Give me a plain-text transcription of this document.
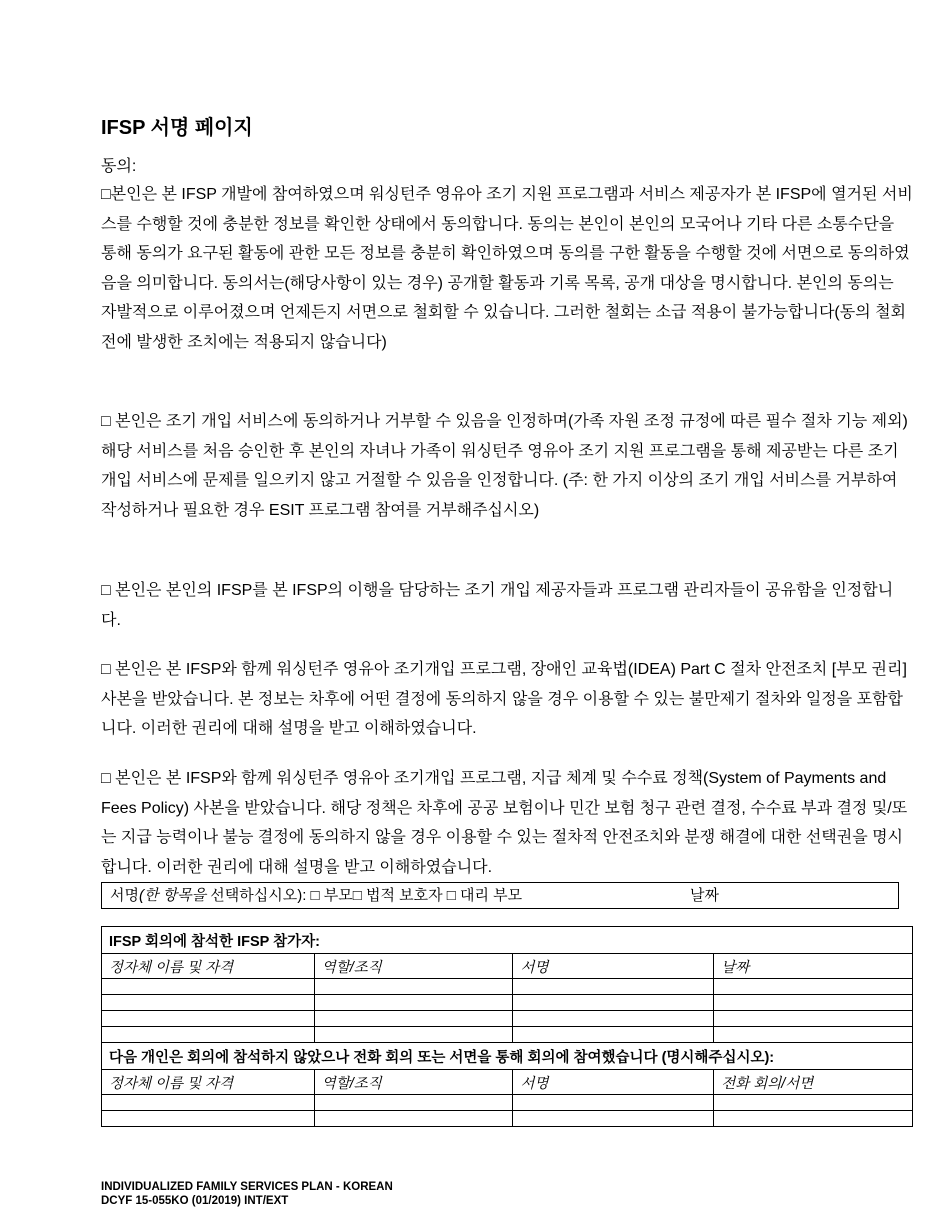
IFSP 서명 페이지
동의:

□본인은 본 IFSP 개발에 참여하였으며 워싱턴주 영유아 조기 지원 프로그램과 서비스 제공자가 본 IFSP에 열거된 서비스를 수행할 것에 충분한 정보를 확인한 상태에서 동의합니다. 동의는 본인이 본인의 모국어나 기타 다른 소통수단을 통해 동의가 요구된 활동에 관한 모든 정보를 충분히 확인하였으며 동의를 구한 활동을 수행할 것에 서면으로 동의하였음을 의미합니다. 동의서는(해당사항이 있는 경우) 공개할 활동과 기록 목록, 공개 대상을 명시합니다. 본인의 동의는 자발적으로 이루어졌으며 언제든지 서면으로 철회할 수 있습니다. 그러한 철회는 소급 적용이 불가능합니다(동의 철회 전에 발생한 조치에는 적용되지 않습니다)

□ 본인은 조기 개입 서비스에 동의하거나 거부할 수 있음을 인정하며(가족 자원 조정 규정에 따른 필수 절차 기능 제외) 해당 서비스를 처음 승인한 후 본인의 자녀나 가족이 워싱턴주 영유아 조기 지원 프로그램을 통해 제공받는 다른 조기 개입 서비스에 문제를 일으키지 않고 거절할 수 있음을 인정합니다. (주: 한 가지 이상의 조기 개입 서비스를 거부하여 작성하거나 필요한 경우 ESIT 프로그램 참여를 거부해주십시오)

□ 본인은 본인의 IFSP를 본 IFSP의 이행을 담당하는 조기 개입 제공자들과 프로그램 관리자들이 공유함을 인정합니다.

□ 본인은 본 IFSP와 함께 워싱턴주 영유아 조기개입 프로그램, 장애인 교육법(IDEA) Part C 절차 안전조치 [부모 권리] 사본을 받았습니다. 본 정보는 차후에 어떤 결정에 동의하지 않을 경우 이용할 수 있는 불만제기 절차와 일정을 포함합니다. 이러한 권리에 대해 설명을 받고 이해하였습니다.

□ 본인은 본 IFSP와 함께 워싱턴주 영유아 조기개입 프로그램, 지급 체계 및 수수료 정책(System of Payments and Fees Policy) 사본을 받았습니다. 해당 정책은 차후에 공공 보험이나 민간 보험 청구 관련 결정, 수수료 부과 결정 및/또는 지급 능력이나 불능 결정에 동의하지 않을 경우 이용할 수 있는 절차적 안전조치와 분쟁 해결에 대한 선택권을 명시합니다. 이러한 권리에 대해 설명을 받고 이해하였습니다.

서명(한 항목을 선택하십시오): □ 부모□ 법적 보호자 □ 대리 부모	날짜
IFSP 회의에 참석한 IFSP 참가자:			
정자체 이름 및 자격	역할/조직	서명	날짜

다음 개인은 회의에 참석하지 않았으나 전화 회의 또는 서면을 통해 회의에 참여했습니다 (명시해주십시오):			
정자체 이름 및 자격	역할/조직	서명	전화 회의/서면

INDIVIDUALIZED FAMILY SERVICES PLAN - KOREAN
DCYF 15-055KO (01/2019) INT/EXT
